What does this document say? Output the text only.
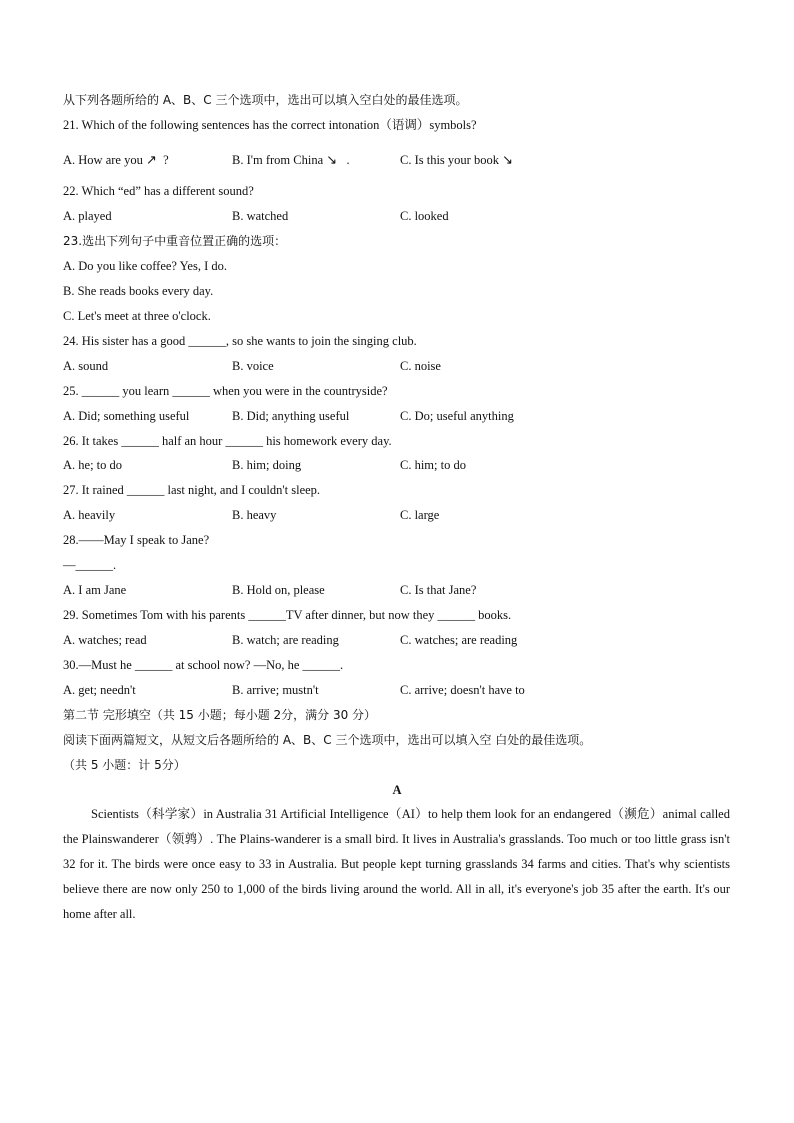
从下列各题所给的 A、B、C 三个选项中，选出可以填入空白处的最佳选项。
21. Which of the following sentences has the correct intonation（语调）symbols?
A. How are you ↗ ?	B. I'm from China ↘ .	C. Is this your book ↘
22. Which “ed” has a different sound?
A. played	B. watched	C. looked
23.选出下列句子中重音位置正确的选项：
A. Do you like coffee? Yes, I do.
B. She reads books every day.
C. Let's meet at three o'clock.
24. His sister has a good ______, so she wants to join the singing club.
A. sound	B. voice	C. noise
25. ______ you learn ______ when you were in the countryside?
A. Did; something useful	B. Did; anything useful	C. Do; useful anything
26. It takes ______ half an hour ______ his homework every day.
A. he; to do	B. him; doing	C. him; to do
27. It rained ______ last night, and I couldn't sleep.
A. heavily	B. heavy	C. large
28.——May I speak to Jane?
—______.
A. I am Jane	B. Hold on, please	C. Is that Jane?
29. Sometimes Tom with his parents ______TV after dinner, but now they ______ books.
A. watches; read	B. watch; are reading	C. watches; are reading
30.—Must he ______ at school now? —No, he ______.
A. get; needn't	B. arrive; mustn't	C. arrive; doesn't have to
第二节 完形填空（共 15 小题；每小题 2分，满分 30 分）
阅读下面两篇短文，从短文后各题所给的 A、B、C 三个选项中，选出可以填入空 白处的最佳选项。
（共 5 小题：计 5分）
A
Scientists（科学家）in Australia 31 Artificial Intelligence（AI）to help them look for an endangered（濒危）animal called the Plainswanderer（领鹑）. The Plains-wanderer is a small bird. It lives in Australia's grasslands. Too much or too little grass isn't 32 for it. The birds were once easy to 33 in Australia. But people kept turning grasslands 34 farms and cities. That's why scientists believe there are now only 250 to 1,000 of the birds living around the world. All in all, it's everyone's job 35 after the earth. It's our home after all.
